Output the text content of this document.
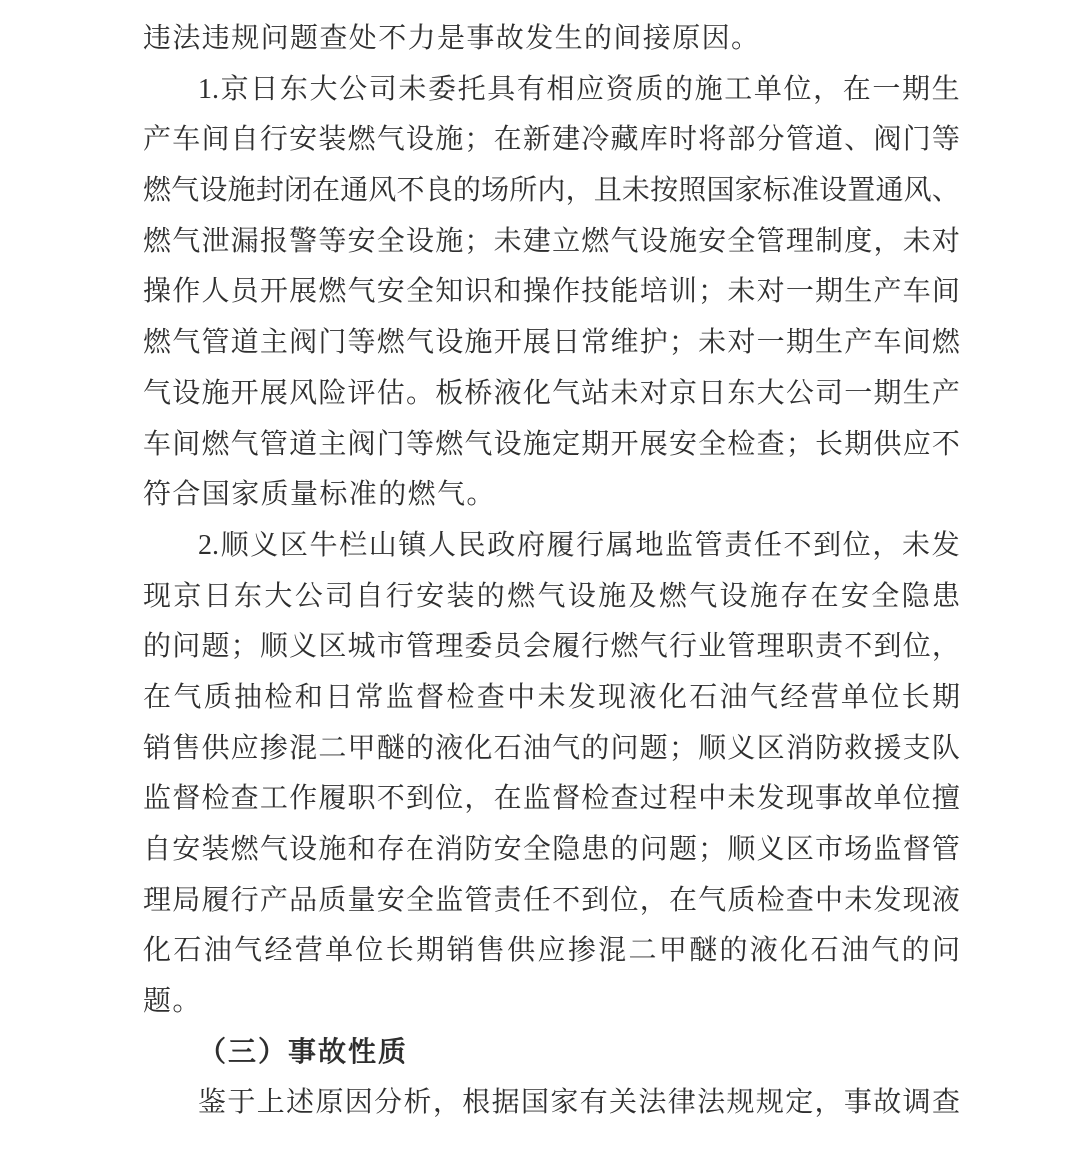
违法违规问题查处不力是事故发生的间接原因。
1. 京 日 东 大 公 司 未 委 托 具 有 相 应 资 质 的 施 工 单 位 ， 在 一 期 生
产 车 间 自 行 安 装 燃 气 设 施 ； 在 新 建 冷 藏 库 时 将 部 分 管 道 、 阀 门 等
燃 气 设 施 封 闭 在 通 风 不 良 的 场 所 内 ， 且 未 按 照 国 家 标 准 设 置 通 风 、
燃 气 泄 漏 报 警 等 安 全 设 施 ； 未 建 立 燃 气 设 施 安 全 管 理 制 度 ， 未 对
操 作 人 员 开 展 燃 气 安 全 知 识 和 操 作 技 能 培 训 ； 未 对 一 期 生 产 车 间
燃 气 管 道 主 阀 门 等 燃 气 设 施 开 展 日 常 维 护 ； 未 对 一 期 生 产 车 间 燃
气 设 施 开 展 风 险 评 估 。 板 桥 液 化 气 站 未 对 京 日 东 大 公 司 一 期 生 产
车 间 燃 气 管 道 主 阀 门 等 燃 气 设 施 定 期 开 展 安 全 检 查 ； 长 期 供 应 不
符合国家质量标准的燃气。
2. 顺 义 区 牛 栏 山 镇 人 民 政 府 履 行 属 地 监 管 责 任 不 到 位 ， 未 发
现 京 日 东 大 公 司 自 行 安 装 的 燃 气 设 施 及 燃 气 设 施 存 在 安 全 隐 患
的 问 题 ； 顺 义 区 城 市 管 理 委 员 会 履 行 燃 气 行 业 管 理 职 责 不 到 位 ，
在 气 质 抽 检 和 日 常 监 督 检 查 中 未 发 现 液 化 石 油 气 经 营 单 位 长 期
销 售 供 应 掺 混 二 甲 醚 的 液 化 石 油 气 的 问 题 ； 顺 义 区 消 防 救 援 支 队
监 督 检 查 工 作 履 职 不 到 位 ， 在 监 督 检 查 过 程 中 未 发 现 事 故 单 位 擅
自 安 装 燃 气 设 施 和 存 在 消 防 安 全 隐 患 的 问 题 ； 顺 义 区 市 场 监 督 管
理 局 履 行 产 品 质 量 安 全 监 管 责 任 不 到 位 ， 在 气 质 检 查 中 未 发 现 液
化 石 油 气 经 营 单 位 长 期 销 售 供 应 掺 混 二 甲 醚 的 液 化 石 油 气 的 问
题。
（三）事故性质
鉴 于 上 述 原 因 分 析 ， 根 据 国 家 有 关 法 律 法 规 规 定 ， 事 故 调 查
